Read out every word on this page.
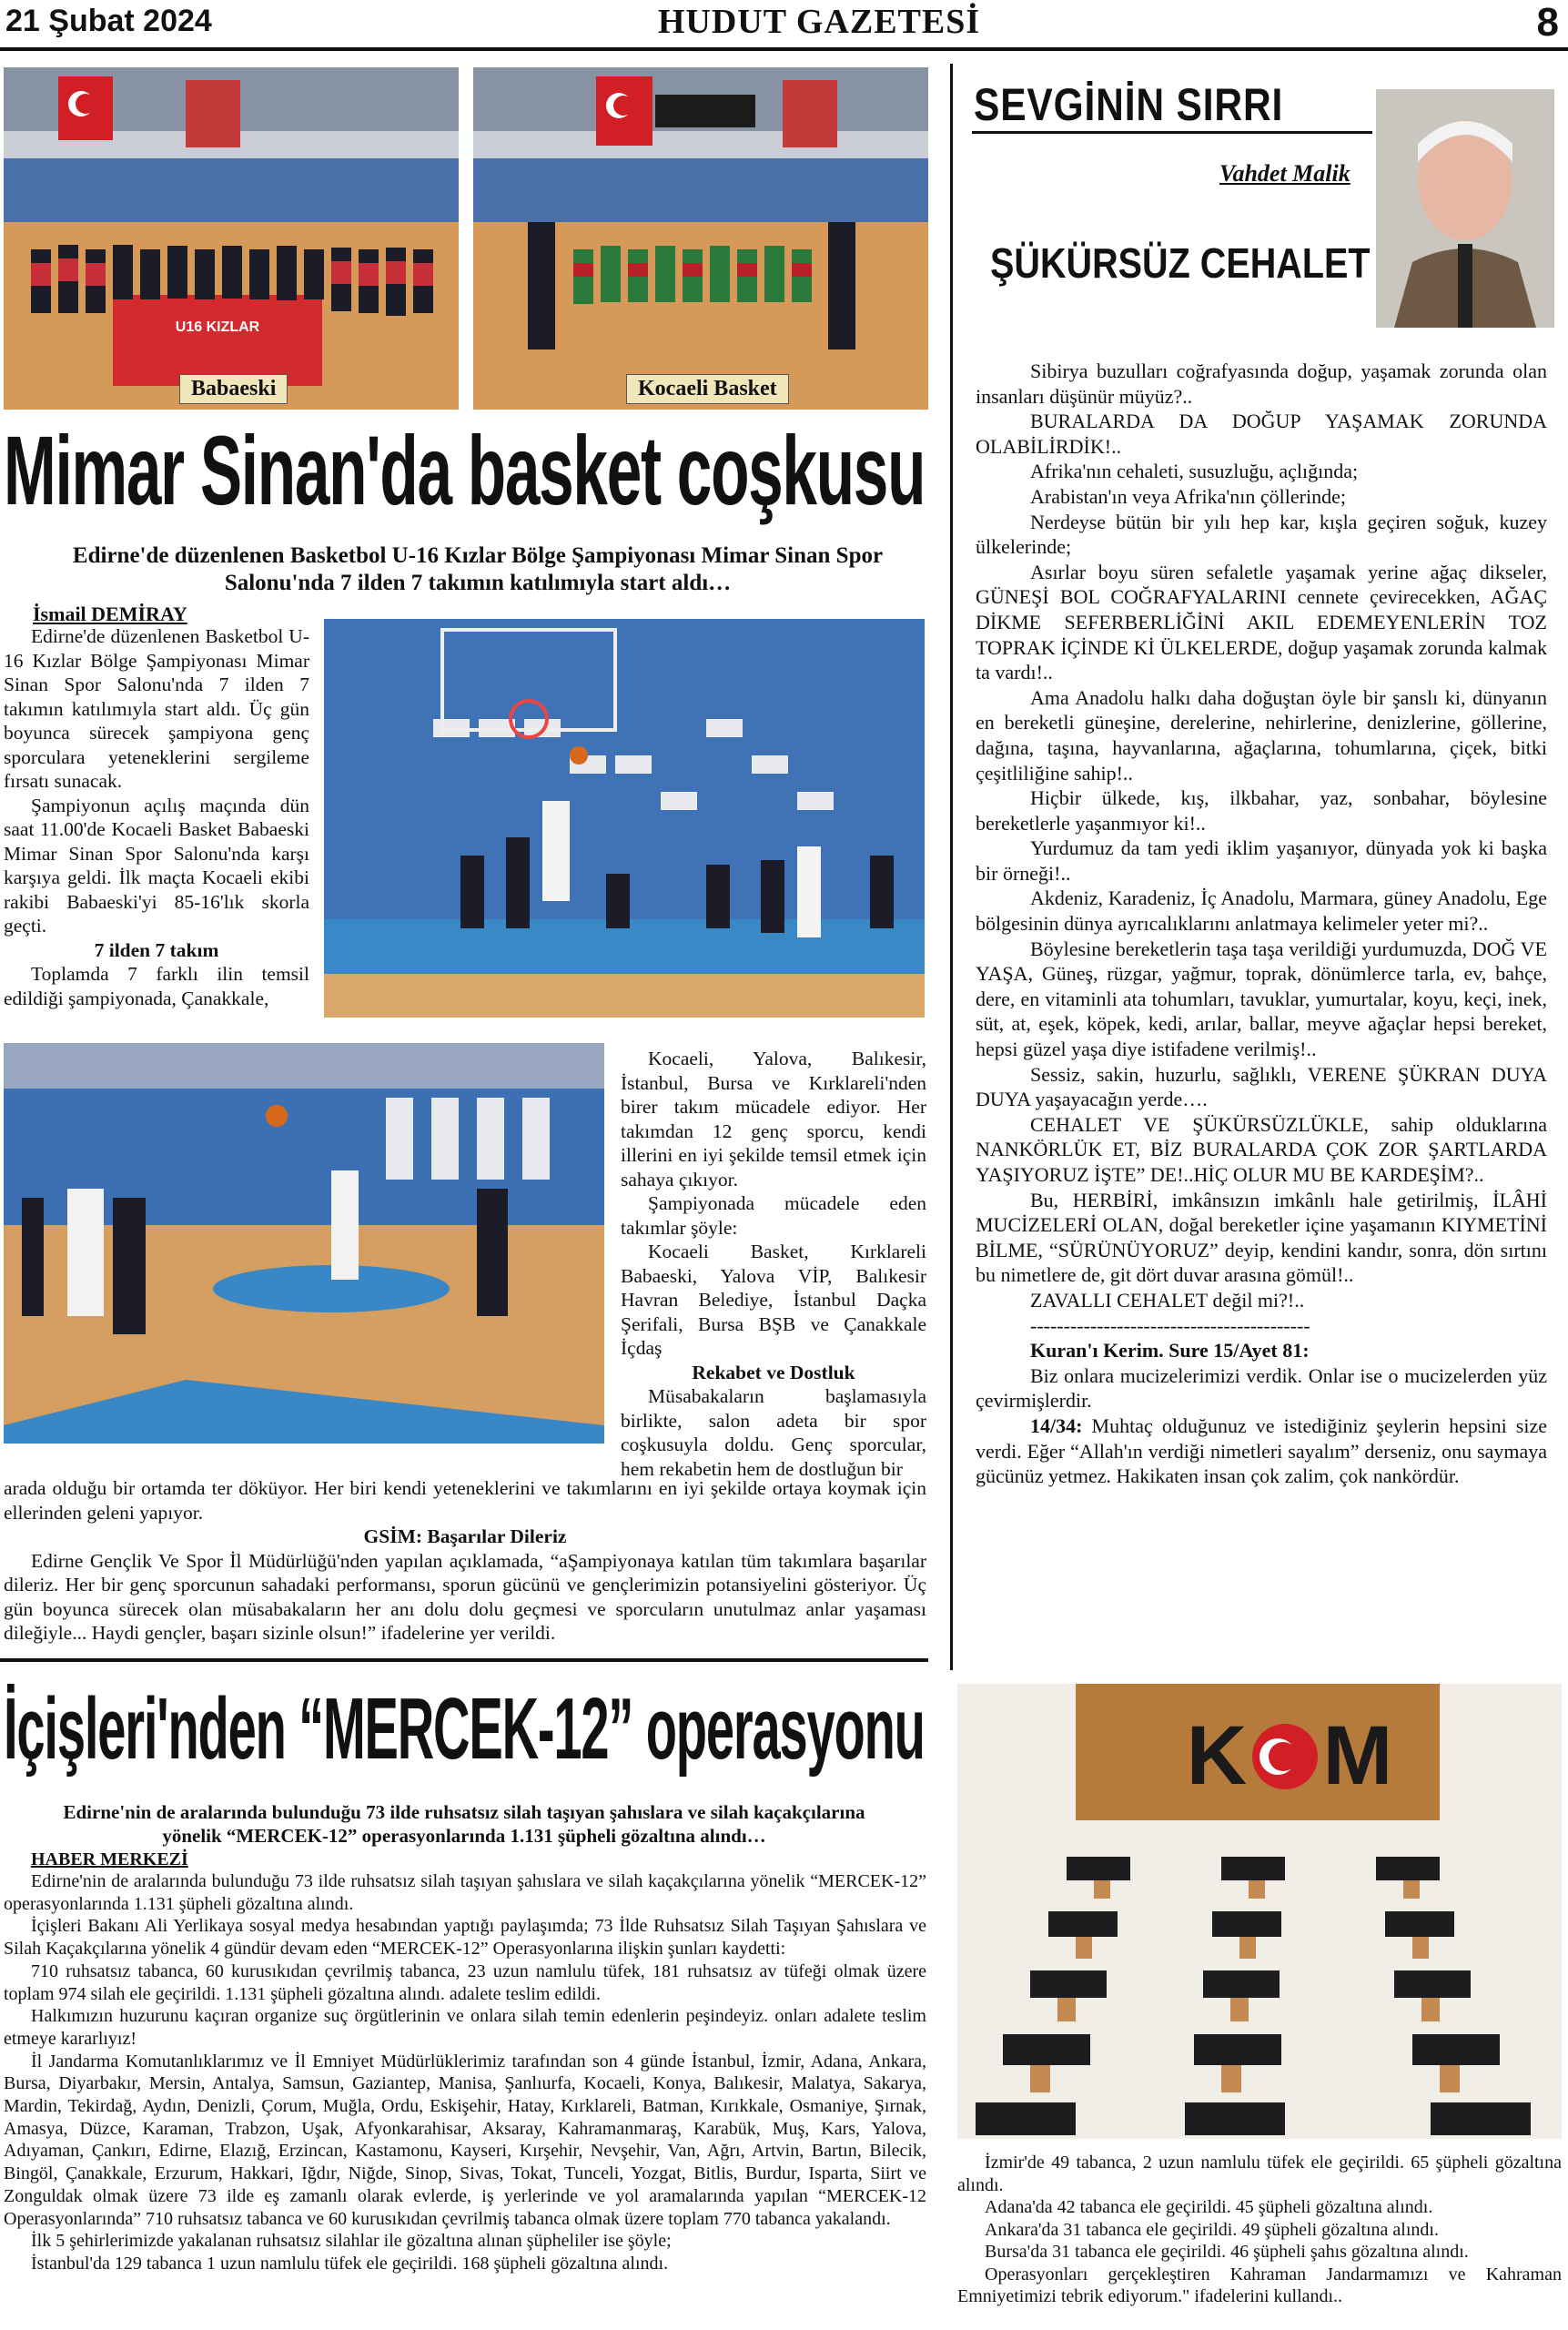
21 Şubat 2024	HUDUT GAZETESİ	8
U16 KIZLAR
Babaeski	Kocaeli Basket
Mimar Sinan'da basket coşkusu
Edirne'de düzenlenen Basketbol U-16 Kızlar Bölge Şampiyonası Mimar Sinan Spor Salonu'nda 7 ilden 7 takımın katılımıyla start aldı…
İsmail DEMİRAY

Edirne'de düzenlenen Basketbol U-16 Kızlar Bölge Şampiyonası Mimar Sinan Spor Salonu'nda 7 ilden 7 takımın katılımıyla start aldı. Üç gün boyunca sürecek şampiyona genç sporculara yeteneklerini sergileme fırsatı sunacak.

Şampiyonun açılış maçında dün saat 11.00'de Kocaeli Basket Babaeski Mimar Sinan Spor Salonu'nda karşı karşıya geldi. İlk maçta Kocaeli ekibi rakibi Babaeski'yi 85-16'lık skorla geçti.

7 ilden 7 takım

Toplamda 7 farklı ilin temsil edildiği şampiyonada, Çanakkale,

Kocaeli, Yalova, Balıkesir, İstanbul, Bursa ve Kırklareli'nden birer takım mücadele ediyor. Her takımdan 12 genç sporcu, kendi illerini en iyi şekilde temsil etmek için sahaya çıkıyor.

Şampiyonada mücadele eden takımlar şöyle:

Kocaeli Basket, Kırklareli Babaeski, Yalova VİP, Balıkesir Havran Belediye, İstanbul Daçka Şerifali, Bursa BŞB ve Çanakkale İçdaş

Rekabet ve Dostluk

Müsabakaların başlamasıyla birlikte, salon adeta bir spor coşkusuyla doldu. Genç sporcular, hem rekabetin hem de dostluğun bir

arada olduğu bir ortamda ter döküyor. Her biri kendi yeteneklerini ve takımlarını en iyi şekilde ortaya koymak için ellerinden geleni yapıyor.

GSİM: Başarılar Dileriz

Edirne Gençlik Ve Spor İl Müdürlüğü'nden yapılan açıklamada, “aŞampiyonaya katılan tüm takımlara başarılar dileriz. Her bir genç sporcunun sahadaki performansı, sporun gücünü ve gençlerimizin potansiyelini gösteriyor. Üç gün boyunca sürecek olan müsabakaların her anı dolu dolu geçmesi ve sporcuların unutulmaz anlar yaşaması dileğiyle... Haydi gençler, başarı sizinle olsun!” ifadelerine yer verildi.

SEVGİNİN SIRRI
Vahdet Malik
ŞÜKÜRSÜZ CEHALET

Sibirya buzulları coğrafyasında doğup, yaşamak zorunda olan insanları düşünür müyüz?..

BURALARDA DA DOĞUP YAŞAMAK ZORUNDA OLABİLİRDİK!..

Afrika'nın cehaleti, susuzluğu, açlığında;

Arabistan'ın veya Afrika'nın çöllerinde;

Nerdeyse bütün bir yılı hep kar, kışla geçiren soğuk, kuzey ülkelerinde;

Asırlar boyu süren sefaletle yaşamak yerine ağaç dikseler, GÜNEŞİ BOL COĞRAFYALARINI cennete çevirecekken, AĞAÇ DİKME SEFERBERLİĞİNİ AKIL EDEMEYENLERİN TOZ TOPRAK İÇİNDE Kİ ÜLKELERDE, doğup yaşamak zorunda kalmak ta vardı!..

Ama Anadolu halkı daha doğuştan öyle bir şanslı ki, dünyanın en bereketli güneşine, derelerine, nehirlerine, denizlerine, göllerine, dağına, taşına, hayvanlarına, ağaçlarına, tohumlarına, çiçek, bitki çeşitliliğine sahip!..

Hiçbir ülkede, kış, ilkbahar, yaz, sonbahar, böylesine bereketlerle yaşanmıyor ki!..

Yurdumuz da tam yedi iklim yaşanıyor, dünyada yok ki başka bir örneği!..

Akdeniz, Karadeniz, İç Anadolu, Marmara, güney Anadolu, Ege bölgesinin dünya ayrıcalıklarını anlatmaya kelimeler yeter mi?..

Böylesine bereketlerin taşa taşa verildiği yurdumuzda, DOĞ VE YAŞA, Güneş, rüzgar, yağmur, toprak, dönümlerce tarla, ev, bahçe, dere, en vitaminli ata tohumları, tavuklar, yumurtalar, koyu, keçi, inek, süt, at, eşek, köpek, kedi, arılar, ballar, meyve ağaçlar hepsi bereket, hepsi güzel yaşa diye istifadene verilmiş!..

Sessiz, sakin, huzurlu, sağlıklı, VERENE ŞÜKRAN DUYA DUYA yaşayacağın yerde….

CEHALET VE ŞÜKÜRSÜZLÜKLE, sahip olduklarına NANKÖRLÜK ET, BİZ BURALARDA ÇOK ZOR ŞARTLARDA YAŞIYORUZ İŞTE” DE!..HİÇ OLUR MU BE KARDEŞİM?..

Bu, HERBİRİ, imkânsızın imkânlı hale getirilmiş, İLÂHİ MUCİZELERİ OLAN, doğal bereketler içine yaşamanın KIYMETİNİ BİLME, “SÜRÜNÜYORUZ” deyip, kendini kandır, sonra, dön sırtını bu nimetlere de, git dört duvar arasına gömül!..

ZAVALLI CEHALET değil mi?!..

------------------------------------------

Kuran'ı Kerim. Sure 15/Ayet 81:

Biz onlara mucizelerimizi verdik. Onlar ise o mucizelerden yüz çevirmişlerdir.

14/34: Muhtaç olduğunuz ve istediğiniz şeylerin hepsini size verdi. Eğer “Allah'ın verdiği nimetleri sayalım” derseniz, onu saymaya gücünüz yetmez. Hakikaten insan çok zalim, çok nankördür.

İçişleri'nden “MERCEK-12” operasyonu
Edirne'nin de aralarında bulunduğu 73 ilde ruhsatsız silah taşıyan şahıslara ve silah kaçakçılarına yönelik “MERCEK-12” operasyonlarında 1.131 şüpheli gözaltına alındı…
HABER MERKEZİ

Edirne'nin de aralarında bulunduğu 73 ilde ruhsatsız silah taşıyan şahıslara ve silah kaçakçılarına yönelik “MERCEK-12” operasyonlarında 1.131 şüpheli gözaltına alındı.

İçişleri Bakanı Ali Yerlikaya sosyal medya hesabından yaptığı paylaşımda; 73 İlde Ruhsatsız Silah Taşıyan Şahıslara ve Silah Kaçakçılarına yönelik 4 gündür devam eden “MERCEK-12” Operasyonlarına ilişkin şunları kaydetti:

710 ruhsatsız tabanca, 60 kurusıkıdan çevrilmiş tabanca, 23 uzun namlulu tüfek, 181 ruhsatsız av tüfeği olmak üzere toplam 974 silah ele geçirildi. 1.131 şüpheli gözaltına alındı. adalete teslim edildi.

Halkımızın huzurunu kaçıran organize suç örgütlerinin ve onlara silah temin edenlerin peşindeyiz. onları adalete teslim etmeye kararlıyız!

İl Jandarma Komutanlıklarımız ve İl Emniyet Müdürlüklerimiz tarafından son 4 günde İstanbul, İzmir, Adana, Ankara, Bursa, Diyarbakır, Mersin, Antalya, Samsun, Gaziantep, Manisa, Şanlıurfa, Kocaeli, Konya, Balıkesir, Malatya, Sakarya, Mardin, Tekirdağ, Aydın, Denizli, Çorum, Muğla, Ordu, Eskişehir, Hatay, Kırklareli, Batman, Kırıkkale, Osmaniye, Şırnak, Amasya, Düzce, Karaman, Trabzon, Uşak, Afyonkarahisar, Aksaray, Kahramanmaraş, Karabük, Muş, Kars, Yalova, Adıyaman, Çankırı, Edirne, Elazığ, Erzincan, Kastamonu, Kayseri, Kırşehir, Nevşehir, Van, Ağrı, Artvin, Bartın, Bilecik, Bingöl, Çanakkale, Erzurum, Hakkari, Iğdır, Niğde, Sinop, Sivas, Tokat, Tunceli, Yozgat, Bitlis, Burdur, Isparta, Siirt ve Zonguldak olmak üzere 73 ilde eş zamanlı olarak evlerde, iş yerlerinde ve yol aramalarında yapılan “MERCEK-12 Operasyonlarında” 710 ruhsatsız tabanca ve 60 kurusıkıdan çevrilmiş tabanca olmak üzere toplam 770 tabanca yakalandı.

İlk 5 şehirlerimizde yakalanan ruhsatsız silahlar ile gözaltına alınan şüpheliler ise şöyle;

İstanbul'da 129 tabanca 1 uzun namlulu tüfek ele geçirildi. 168 şüpheli gözaltına alındı.

K M

İzmir'de 49 tabanca, 2 uzun namlulu tüfek ele geçirildi. 65 şüpheli gözaltına alındı.

Adana'da 42 tabanca ele geçirildi. 45 şüpheli gözaltına alındı.

Ankara'da 31 tabanca ele geçirildi. 49 şüpheli gözaltına alındı.

Bursa'da 31 tabanca ele geçirildi. 46 şüpheli şahıs gözaltına alındı.

Operasyonları gerçekleştiren Kahraman Jandarmamızı ve Kahraman Emniyetimizi tebrik ediyorum." ifadelerini kullandı..
